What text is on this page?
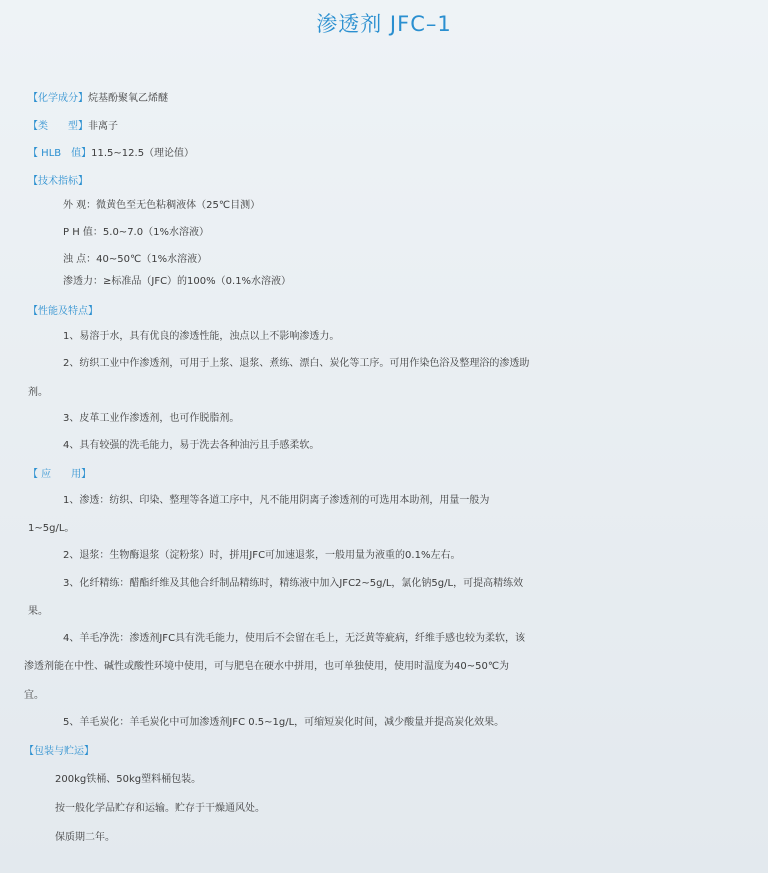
渗透剂 JFC–1
【化学成分】烷基酚聚氧乙烯醚
【类　　型】非离子
【 HLB　值】11.5~12.5（理论值）
【技术指标】
外 观：微黄色至无色粘稠液体（25℃目测）
P H 值：5.0~7.0（1%水溶液）
浊 点：40~50℃（1%水溶液）
渗透力：≥标准品（JFC）的100%（0.1%水溶液）
【性能及特点】
1、易溶于水，具有优良的渗透性能，浊点以上不影响渗透力。
2、纺织工业中作渗透剂，可用于上浆、退浆、煮练、漂白、炭化等工序。可用作染色浴及整理浴的渗透助
剂。
3、皮革工业作渗透剂，也可作脱脂剂。
4、具有较强的洗毛能力，易于洗去各种油污且手感柔软。
【 应　　用】
1、渗透：纺织、印染、整理等各道工序中，凡不能用阴离子渗透剂的可选用本助剂，用量一般为
1~5g/L。
2、退浆：生物酶退浆（淀粉浆）时，拼用JFC可加速退浆，一般用量为液重的0.1%左右。
3、化纤精练：醋酯纤维及其他合纤制品精练时，精练液中加入JFC2~5g/L，氯化钠5g/L，可提高精练效
果。
4、羊毛净洗：渗透剂JFC具有洗毛能力，使用后不会留在毛上，无泛黄等疵病，纤维手感也较为柔软，该
渗透剂能在中性、碱性或酸性环境中使用，可与肥皂在硬水中拼用，也可单独使用，使用时温度为40~50℃为
宜。
5、羊毛炭化：羊毛炭化中可加渗透剂JFC 0.5~1g/L，可缩短炭化时间，减少酸量并提高炭化效果。
【包装与贮运】
200kg铁桶、50kg塑料桶包装。
按一般化学品贮存和运输。贮存于干燥通风处。
保质期二年。
